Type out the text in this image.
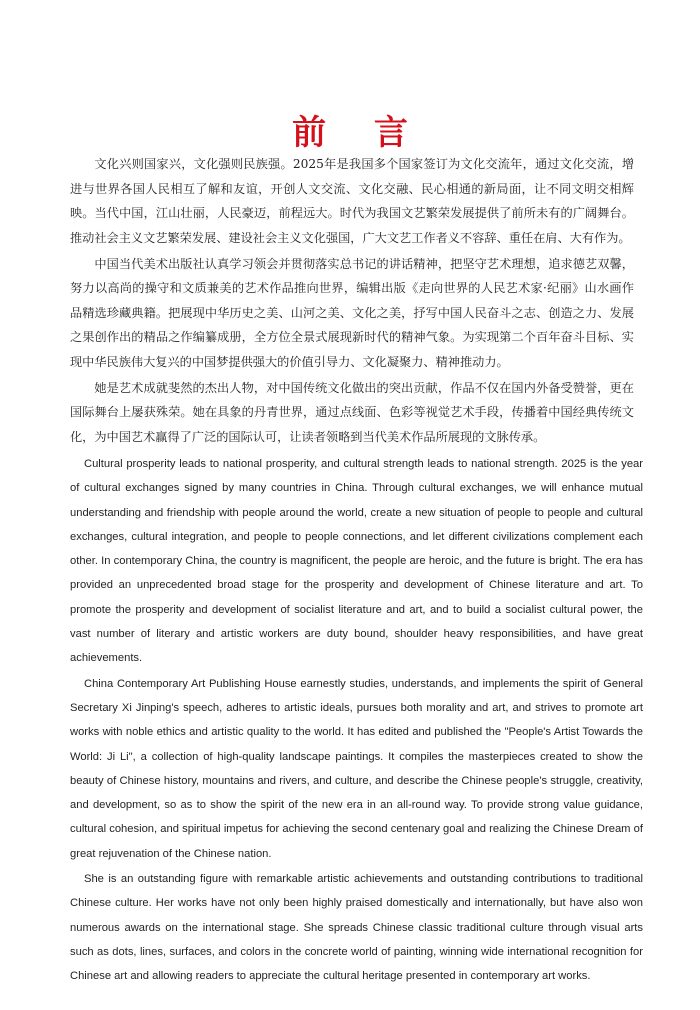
前 言

文化兴则国家兴，文化强则民族强。2025年是我国多个国家签订为文化交流年，通过文化交流，增进与世界各国人民相互了解和友谊，开创人文交流、文化交融、民心相通的新局面，让不同文明交相辉映。当代中国，江山壮丽，人民豪迈，前程远大。时代为我国文艺繁荣发展提供了前所未有的广阔舞台。推动社会主义文艺繁荣发展、建设社会主义文化强国，广大文艺工作者义不容辞、重任在肩、大有作为。

中国当代美术出版社认真学习领会并贯彻落实总书记的讲话精神，把坚守艺术理想，追求德艺双馨，努力以高尚的操守和文质兼美的艺术作品推向世界，编辑出版《走向世界的人民艺术家·纪丽》山水画作品精选珍藏典籍。把展现中华历史之美、山河之美、文化之美，抒写中国人民奋斗之志、创造之力、发展之果创作出的精品之作编纂成册，全方位全景式展现新时代的精神气象。为实现第二个百年奋斗目标、实现中华民族伟大复兴的中国梦提供强大的价值引导力、文化凝聚力、精神推动力。

她是艺术成就斐然的杰出人物，对中国传统文化做出的突出贡献，作品不仅在国内外备受赞誉，更在国际舞台上屡获殊荣。她在具象的丹青世界，通过点线面、色彩等视觉艺术手段，传播着中国经典传统文化，为中国艺术赢得了广泛的国际认可，让读者领略到当代美术作品所展现的文脉传承。

Cultural prosperity leads to national prosperity, and cultural strength leads to national strength. 2025 is the year of cultural exchanges signed by many countries in China. Through cultural exchanges, we will enhance mutual understanding and friendship with people around the world, create a new situation of people to people and cultural exchanges, cultural integration, and people to people connections, and let different civilizations complement each other. In contemporary China, the country is magnificent, the people are heroic, and the future is bright. The era has provided an unprecedented broad stage for the prosperity and development of Chinese literature and art. To promote the prosperity and development of socialist literature and art, and to build a socialist cultural power, the vast number of literary and artistic workers are duty bound, shoulder heavy responsibilities, and have great achievements.

China Contemporary Art Publishing House earnestly studies, understands, and implements the spirit of General Secretary Xi Jinping's speech, adheres to artistic ideals, pursues both morality and art, and strives to promote art works with noble ethics and artistic quality to the world. It has edited and published the "People's Artist Towards the World: Ji Li", a collection of high-quality landscape paintings. It compiles the masterpieces created to show the beauty of Chinese history, mountains and rivers, and culture, and describe the Chinese people's struggle, creativity, and development, so as to show the spirit of the new era in an all-round way. To provide strong value guidance, cultural cohesion, and spiritual impetus for achieving the second centenary goal and realizing the Chinese Dream of great rejuvenation of the Chinese nation.

She is an outstanding figure with remarkable artistic achievements and outstanding contributions to traditional Chinese culture. Her works have not only been highly praised domestically and internationally, but have also won numerous awards on the international stage. She spreads Chinese classic traditional culture through visual arts such as dots, lines, surfaces, and colors in the concrete world of painting, winning wide international recognition for Chinese art and allowing readers to appreciate the cultural heritage presented in contemporary art works.
